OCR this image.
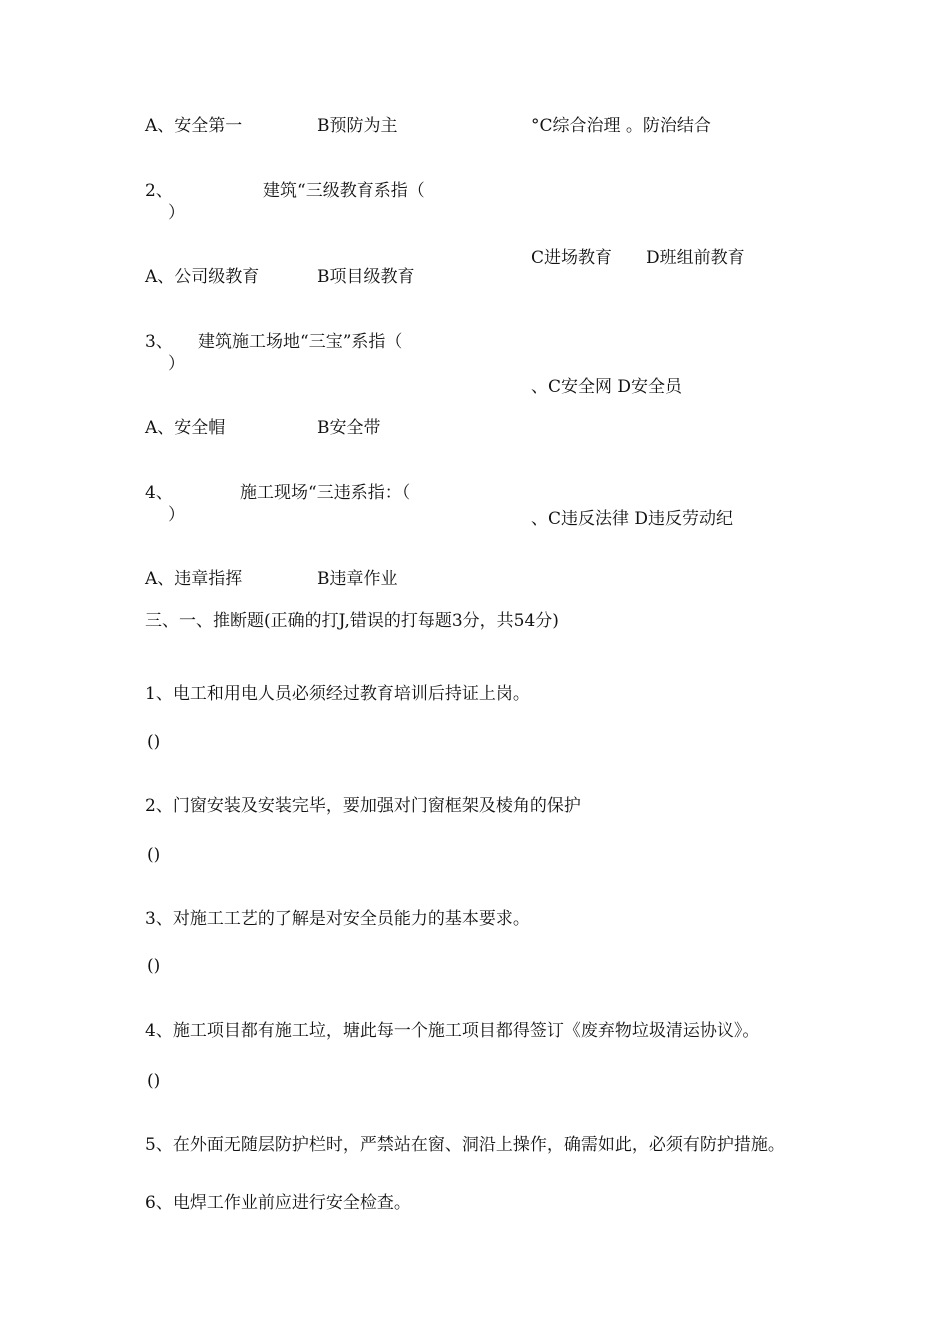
A、安全第一	B预防为主	°C综合治理 。防治结合
2、	建筑“三级教育系指（
）
C进场教育　　D班组前教育
A、公司级教育	B项目级教育
3、 建筑施工场地“三宝”系指（
）
、C安全网 D安全员
A、安全帽	B安全带
4、	施工现场“三违系指：（
）	、C违反法律 D违反劳动纪
A、违章指挥	B违章作业
三、一、推断题(正确的打J,错误的打每题3分，共54分)
1、电工和用电人员必须经过教育培训后持证上岗。
()
2、门窗安装及安装完毕，要加强对门窗框架及棱角的保护
()
3、对施工工艺的了解是对安全员能力的基本要求。
()
4、施工项目都有施工垃，塘此每一个施工项目都得签订《废弃物垃圾清运协议》。
()
5、在外面无随层防护栏时，严禁站在窗、洞沿上操作，确需如此，必须有防护措施。
6、电焊工作业前应进行安全检查。
